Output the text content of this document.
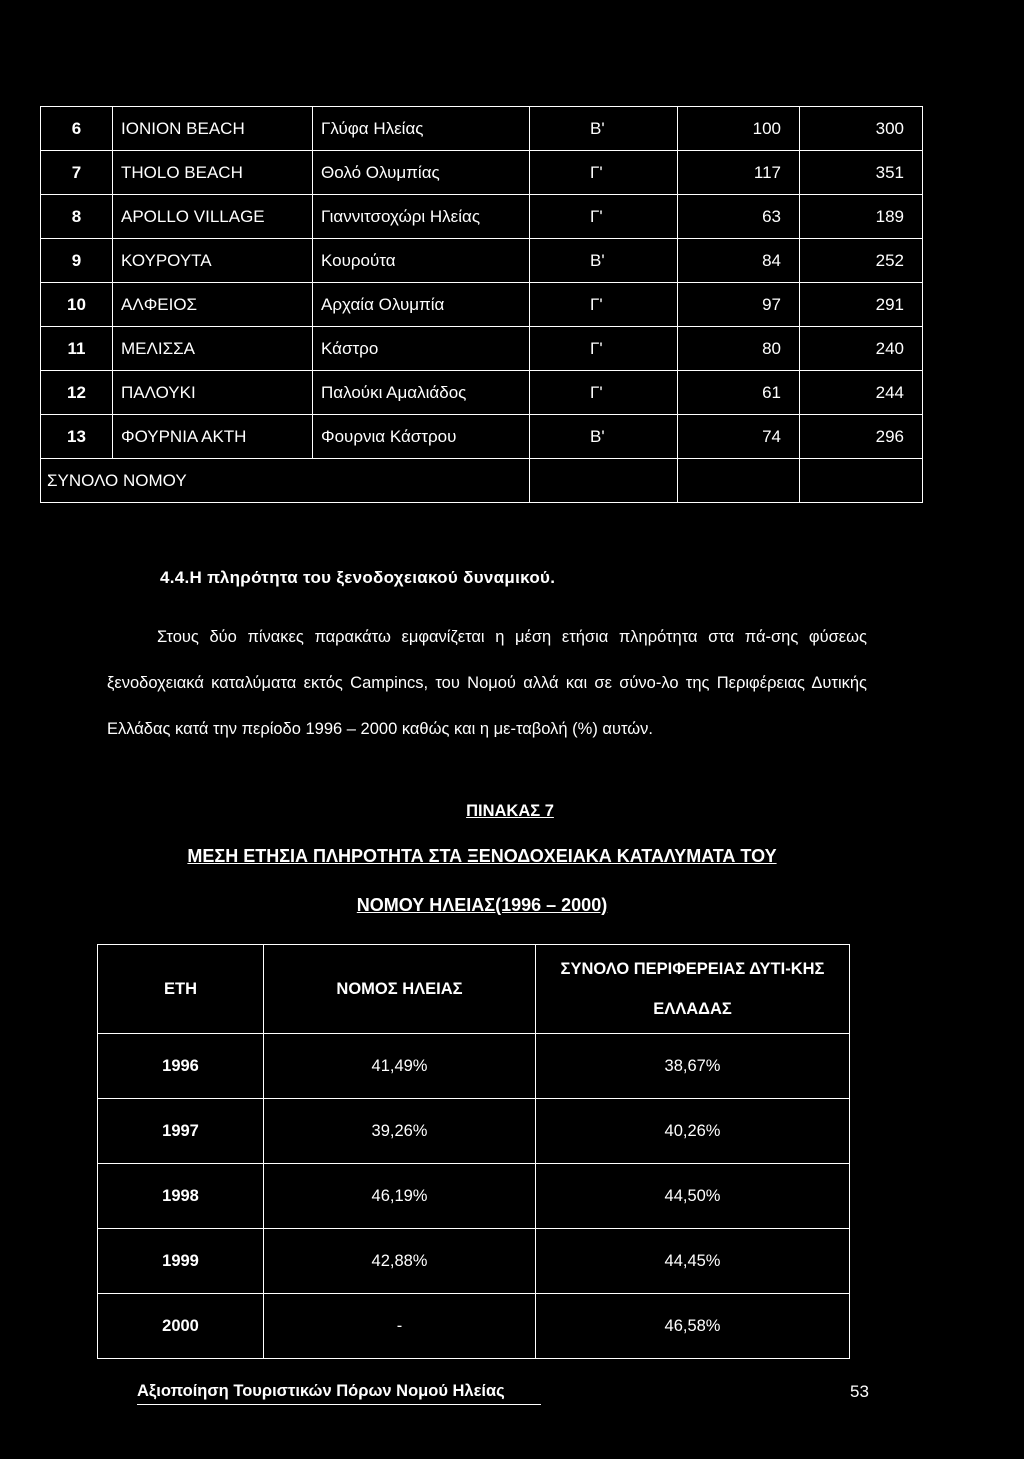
6	IONION BEACH	Γλύφα Ηλείας	Β'	100	300
7	THOLO BEACH	Θολό Ολυμπίας	Γ'	117	351
8	APOLLO VILLAGE	Γιαννιτσοχώρι Ηλείας	Γ'	63	189
9	ΚΟΥΡΟΥΤΑ	Κουρούτα	Β'	84	252
10	ΑΛΦΕΙΟΣ	Αρχαία Ολυμπία	Γ'	97	291
11	ΜΕΛΙΣΣΑ	Κάστρο	Γ'	80	240
12	ΠΑΛΟΥΚΙ	Παλούκι Αμαλιάδος	Γ'	61	244
13	ΦΟΥΡΝΙΑ ΑΚΤΗ	Φουρνια Κάστρου	Β'	74	296
ΣΥΝΟΛΟ ΝΟΜΟΥ					

4.4.Η πληρότητα του ξενοδοχειακού δυναμικού.

Στους δύο πίνακες παρακάτω εμφανίζεται η μέση ετήσια πληρότητα στα πά-σης φύσεως ξενοδοχειακά καταλύματα εκτός Campincs, του Νομού αλλά και σε σύνο-λο της Περιφέρειας Δυτικής Ελλάδας κατά την περίοδο 1996 – 2000 καθώς και η με-ταβολή (%) αυτών.

ΠΙΝΑΚΑΣ 7

ΜΕΣΗ ΕΤΗΣΙΑ ΠΛΗΡΟΤΗΤΑ ΣΤΑ ΞΕΝΟΔΟΧΕΙΑΚΑ ΚΑΤΑΛΥΜΑΤΑ ΤΟΥ

ΝΟΜΟΥ ΗΛΕΙΑΣ(1996 – 2000)

ΕΤΗ	ΝΟΜΟΣ ΗΛΕΙΑΣ	ΣΥΝΟΛΟ ΠΕΡΙΦΕΡΕΙΑΣ ΔΥΤΙ-ΚΗΣ ΕΛΛΑΔΑΣ
1996	41,49%	38,67%
1997	39,26%	40,26%
1998	46,19%	44,50%
1999	42,88%	44,45%
2000	-	46,58%

Αξιοποίηση Τουριστικών Πόρων Νομού Ηλείας	53
